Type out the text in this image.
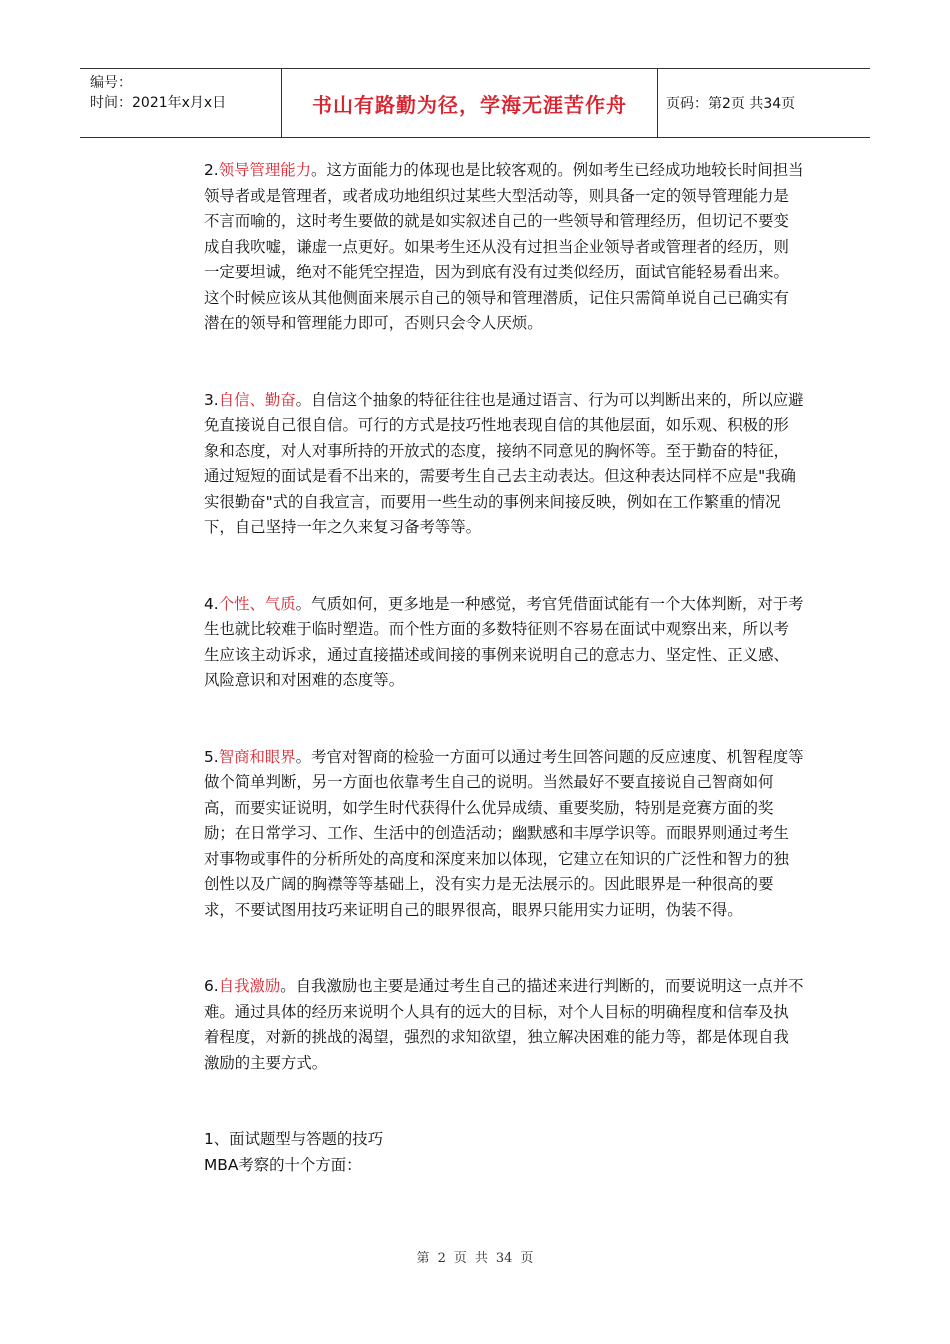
编号：
时间：2021年x月x日	书山有路勤为径，学海无涯苦作舟	页码：第2页 共34页

2.领导管理能力。这方面能力的体现也是比较客观的。例如考生已经成功地较长时间担当领导者或是管理者，或者成功地组织过某些大型活动等，则具备一定的领导管理能力是不言而喻的，这时考生要做的就是如实叙述自己的一些领导和管理经历，但切记不要变成自我吹嘘，谦虚一点更好。如果考生还从没有过担当企业领导者或管理者的经历，则一定要坦诚，绝对不能凭空捏造，因为到底有没有过类似经历，面试官能轻易看出来。这个时候应该从其他侧面来展示自己的领导和管理潜质，记住只需简单说自己已确实有潜在的领导和管理能力即可，否则只会令人厌烦。

3.自信、勤奋。自信这个抽象的特征往往也是通过语言、行为可以判断出来的，所以应避免直接说自己很自信。可行的方式是技巧性地表现自信的其他层面，如乐观、积极的形象和态度，对人对事所持的开放式的态度，接纳不同意见的胸怀等。至于勤奋的特征，通过短短的面试是看不出来的，需要考生自己去主动表达。但这种表达同样不应是"我确实很勤奋"式的自我宣言，而要用一些生动的事例来间接反映，例如在工作繁重的情况下，自己坚持一年之久来复习备考等等。

4.个性、气质。气质如何，更多地是一种感觉，考官凭借面试能有一个大体判断，对于考生也就比较难于临时塑造。而个性方面的多数特征则不容易在面试中观察出来，所以考生应该主动诉求，通过直接描述或间接的事例来说明自己的意志力、坚定性、正义感、风险意识和对困难的态度等。

5.智商和眼界。考官对智商的检验一方面可以通过考生回答问题的反应速度、机智程度等做个简单判断，另一方面也依靠考生自己的说明。当然最好不要直接说自己智商如何高，而要实证说明，如学生时代获得什么优异成绩、重要奖励，特别是竞赛方面的奖励；在日常学习、工作、生活中的创造活动；幽默感和丰厚学识等。而眼界则通过考生对事物或事件的分析所处的高度和深度来加以体现，它建立在知识的广泛性和智力的独创性以及广阔的胸襟等等基础上，没有实力是无法展示的。因此眼界是一种很高的要求，不要试图用技巧来证明自己的眼界很高，眼界只能用实力证明，伪装不得。

6.自我激励。自我激励也主要是通过考生自己的描述来进行判断的，而要说明这一点并不难。通过具体的经历来说明个人具有的远大的目标，对个人目标的明确程度和信奉及执着程度，对新的挑战的渴望，强烈的求知欲望，独立解决困难的能力等，都是体现自我激励的主要方式。

1、面试题型与答题的技巧

MBA考察的十个方面：

第 2 页 共 34 页
